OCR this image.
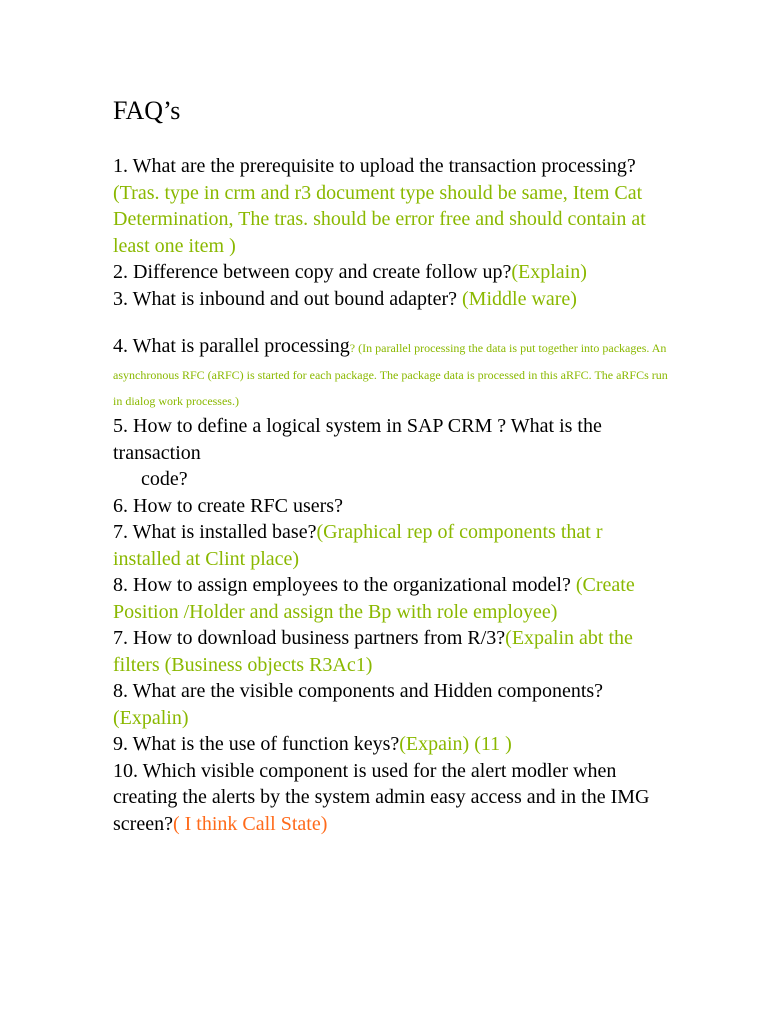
FAQ’s
1. What are the prerequisite to upload the transaction processing? (Tras. type in crm and r3 document type should be same, Item Cat Determination, The tras. should be error free and should contain at least one item )
2. Difference between copy and create follow up?(Explain)
3. What is inbound and out bound adapter? (Middle ware)
4. What is parallel processing? (In parallel processing the data is put together into packages. An asynchronous RFC (aRFC) is started for each package. The package data is processed in this aRFC. The aRFCs run in dialog work processes.)
5. How to define a logical system in SAP CRM ? What is the transaction
code?
6. How to create RFC users?
7. What is installed base?(Graphical rep of components that r installed at Clint place)
8. How to assign employees to the organizational model? (Create Position /Holder and assign the Bp with role employee)
7. How to download business partners from R/3?(Expalin abt the filters (Business objects R3Ac1)
8. What are the visible components and Hidden components?(Expalin)
9. What is the use of function keys?(Expain) (11 )
10. Which visible component is used for the alert modler when creating the alerts by the system admin easy access and in the IMG screen?( I think Call State)
